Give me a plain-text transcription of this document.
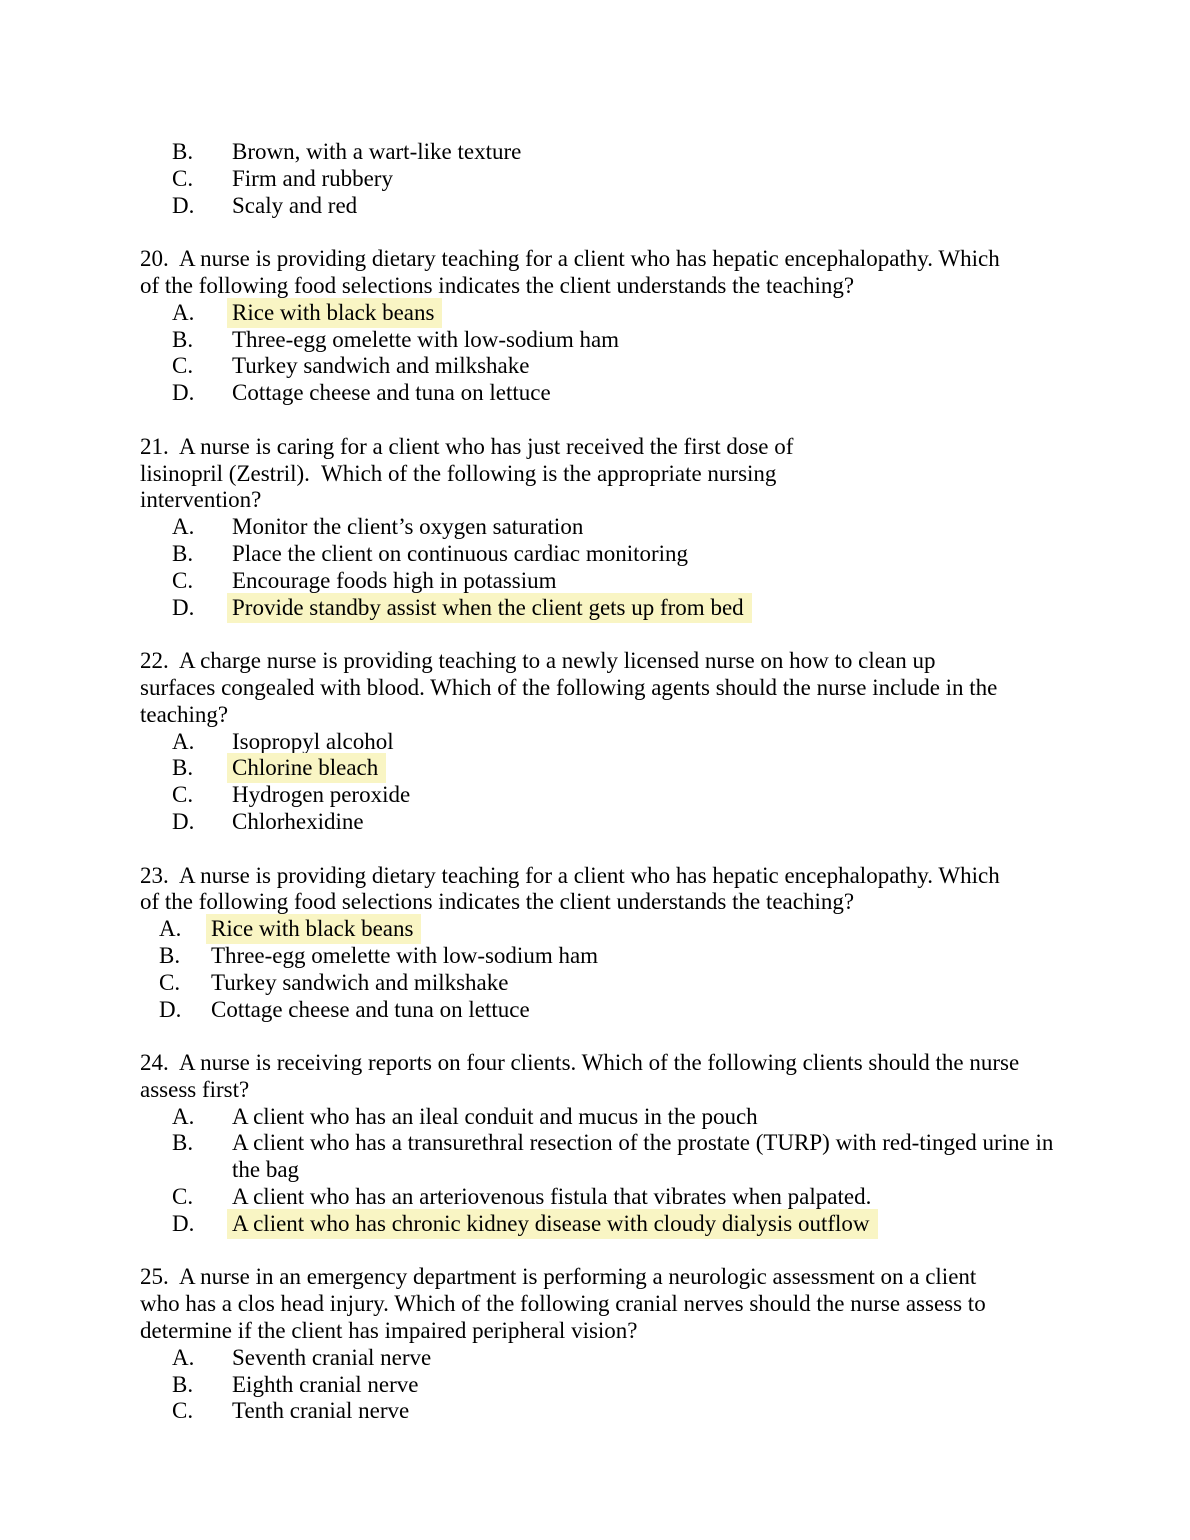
B. Brown, with a wart-like texture
C. Firm and rubbery
D. Scaly and red
20.  A nurse is providing dietary teaching for a client who has hepatic encephalopathy. Which
of the following food selections indicates the client understands the teaching?
A. Rice with black beans
B. Three-egg omelette with low-sodium ham
C. Turkey sandwich and milkshake
D. Cottage cheese and tuna on lettuce
21.  A nurse is caring for a client who has just received the first dose of
lisinopril (Zestril).  Which of the following is the appropriate nursing
intervention?
A. Monitor the client’s oxygen saturation
B. Place the client on continuous cardiac monitoring
C. Encourage foods high in potassium
D. Provide standby assist when the client gets up from bed
22.  A charge nurse is providing teaching to a newly licensed nurse on how to clean up
surfaces congealed with blood. Which of the following agents should the nurse include in the
teaching?
A. Isopropyl alcohol
B. Chlorine bleach
C. Hydrogen peroxide
D. Chlorhexidine
23.  A nurse is providing dietary teaching for a client who has hepatic encephalopathy. Which
of the following food selections indicates the client understands the teaching?
A. Rice with black beans
B. Three-egg omelette with low-sodium ham
C. Turkey sandwich and milkshake
D. Cottage cheese and tuna on lettuce
24.  A nurse is receiving reports on four clients. Which of the following clients should the nurse
assess first?
A. A client who has an ileal conduit and mucus in the pouch
B. A client who has a transurethral resection of the prostate (TURP) with red-tinged urine in the bag
C. A client who has an arteriovenous fistula that vibrates when palpated.
D. A client who has chronic kidney disease with cloudy dialysis outflow
25.  A nurse in an emergency department is performing a neurologic assessment on a client
who has a clos head injury. Which of the following cranial nerves should the nurse assess to
determine if the client has impaired peripheral vision?
A. Seventh cranial nerve
B. Eighth cranial nerve
C. Tenth cranial nerve
